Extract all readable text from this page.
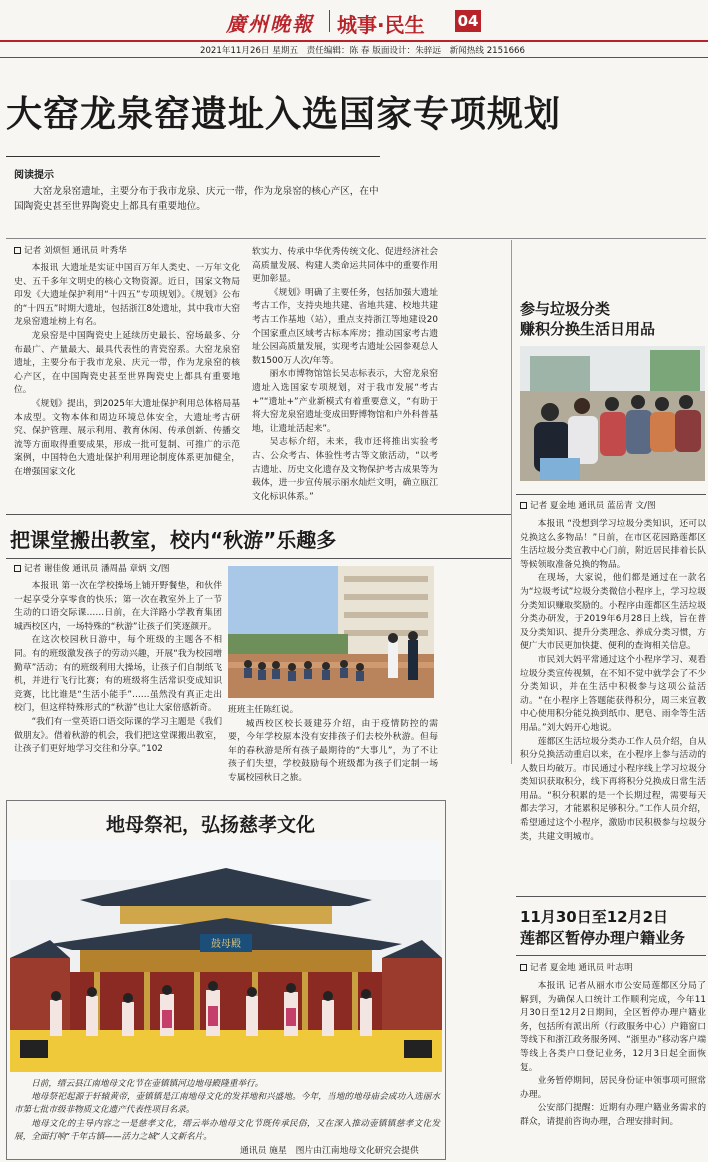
廣州晚報 城事·民生 04
2021年11月26日 星期五　责任编辑：陈 春 版面设计：朱骍远　新闻热线 2151666
大窑龙泉窑遗址入选国家专项规划
阅读提示
大窑龙泉窑遗址，主要分布于我市龙泉、庆元一带，作为龙泉窑的核心产区，在中国陶瓷史甚至世界陶瓷史上都具有重要地位。
记者 刘烦恒 通讯员 叶秀华

本报讯 大遗址是实证中国百万年人类史、一万年文化史、五千多年文明史的核心文物资源。近日，国家文物局印发《大遗址保护利用“十四五”专项规划》。《规划》公布的“十四五”时期大遗址，包括浙江8处遗址，其中我市大窑龙泉窑遗址榜上有名。

龙泉窑是中国陶瓷史上延续历史最长、窑场最多、分布最广、产量最大、最具代表性的青瓷窑系。大窑龙泉窑遗址，主要分布于我市龙泉、庆元一带，作为龙泉窑的核心产区，在中国陶瓷史甚至世界陶瓷史上都具有重要地位。

《规划》提出，到2025年大遗址保护利用总体格局基本成型。文物本体和周边环境总体安全，大遗址考古研究、保护管理、展示利用、教育休闲、传承创新、传播交流等方面取得重要成果，形成一批可复制、可推广的示范案例，中国特色大遗址保护利用理论制度体系更加健全，在增强国家文化

软实力、传承中华优秀传统文化、促进经济社会高质量发展、构建人类命运共同体中的重要作用更加彰显。

《规划》明确了主要任务，包括加强大遗址考古工作，支持央地共建、省地共建、校地共建考古工作基地（站），重点支持浙江等地建设20个国家重点区域考古标本库房；推动国家考古遗址公园高质量发展，实现考古遗址公园参观总人数1500万人次/年等。

丽水市博物馆馆长吴志标表示，大窑龙泉窑遗址入选国家专项规划，对于我市发展“考古+”“遗址+”产业新模式有着重要意义，“有助于将大窑龙泉窑遗址变成田野博物馆和户外科普基地，让遗址活起来”。

吴志标介绍，未来，我市还将推出实验考古、公众考古、体验性考古等文旅活动，“以考古遗址、历史文化遗存及文物保护考古成果等为载体，进一步宣传展示丽水灿烂文明，确立瓯江文化标识体系。”

参与垃圾分类
赚积分换生活日用品
记者 夏金地 通讯员 蓝岳青 文/图

本报讯 “没想到学习垃圾分类知识，还可以兑换这么多物品！”日前，在市区花园路莲都区生活垃圾分类宣教中心门前，附近居民排着长队等候领取准备兑换的物品。

在现场，大家说，他们都是通过在一款名为“垃圾考试”垃圾分类微信小程序上，学习垃圾分类知识赚取奖励的。小程序由莲都区生活垃圾分类办研发，于2019年6月28日上线，旨在普及分类知识、提升分类理念、养成分类习惯，方便广大市民更加快捷、便利的查询相关信息。

市民刘大妈平常通过这个小程序学习、观看垃圾分类宣传视频，在不知不觉中就学会了不少分类知识，并在生活中积极参与这项公益活动。“在小程序上答题能获得积分，周三来宣教中心使用积分能兑换到纸巾、肥皂、雨伞等生活用品。”刘大妈开心地说。

莲都区生活垃圾分类办工作人员介绍，自从积分兑换活动重启以来，在小程序上参与活动的人数日均破万。市民通过小程序线上学习垃圾分类知识获取积分，线下再将积分兑换成日常生活用品。“积分积累的是一个长期过程，需要每天都去学习，才能累积足够积分。”工作人员介绍，希望通过这个小程序，激励市民积极参与垃圾分类，共建文明城市。

11月30日至12月2日
莲都区暂停办理户籍业务
记者 夏金地 通讯员 叶志明

本报讯 记者从丽水市公安局莲都区分局了解到，为确保人口统计工作顺利完成，今年11月30日至12月2日期间，全区暂停办理户籍业务，包括所有派出所（行政服务中心）户籍窗口等线下和浙江政务服务网、“浙里办”移动客户端等线上各类户口登记业务，12月3日起全面恢复。

业务暂停期间，居民身份证申领事项可照常办理。

公安部门提醒：近期有办理户籍业务需求的群众，请提前咨询办理，合理安排时间。

把课堂搬出教室，校内“秋游”乐趣多
记者 谢佳俊 通讯员 潘周晶 章炳 文/图

本报讯 第一次在学校操场上铺开野餐垫，和伙伴一起享受分享零食的快乐；第一次在教室外上了一节生动的口语交际课……日前，在大洋路小学教育集团城西校区内，一场特殊的“秋游”让孩子们笑逐颜开。

在这次校园秋日游中，每个班级的主题各不相同。有的班级激发孩子的劳动兴趣，开展“我为校园增勤草”活动；有的班级利用大操场，让孩子们自制纸飞机，并进行飞行比赛；有的班级将生活常识变成知识竞赛，比比谁是“生活小能手”……虽然没有真正走出校门，但这样特殊形式的“秋游”也让大家倍感新奇。

“我们有一堂英语口语交际课的学习主题是《我们做朋友》。借着秋游的机会，我们把这堂课搬出教室，让孩子们更好地学习交往和分享。”102

班班主任陈红说。

城西校区校长聂建芬介绍，由于疫情防控的需要，今年学校原本没有安排孩子们去校外秋游。但每年的春秋游是所有孩子最期待的“大事儿”，为了不让孩子们失望，学校鼓励每个班级都为孩子们定制一场专属校园秋日之旅。

地母祭祀，弘扬慈孝文化
鼓母殿

日前，缙云县江南地母文化节在壶镇镇河边地母殿隆重举行。

地母祭祀起源于轩辕黄帝，壶镇镇是江南地母文化的发祥地和兴盛地。今年，当地的地母庙会成功入选丽水市第七批市级非物质文化遗产代表性项目名录。

地母文化的主导内容之一是慈孝文化，缙云举办地母文化节既传承民俗，又在深入推动壶镇镇慈孝文化发展，全面打响“千年古镇——活力之城”人文新名片。

通讯员 施星　图片由江南地母文化研究会提供
